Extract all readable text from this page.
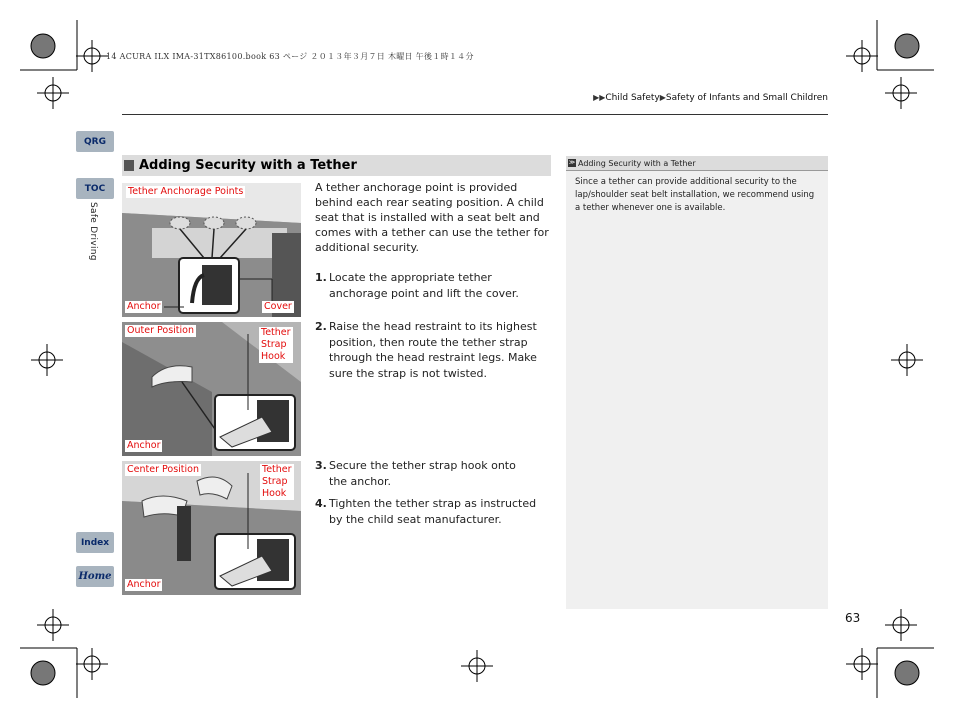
14 ACURA ILX IMA-31TX86100.book 63 ページ ２０１３年３月７日 木曜日 午後１時１４分
▶▶Child Safety▶Safety of Infants and Small Children
QRG
TOC
Safe Driving
Index
Home
Adding Security with a Tether
Tether Anchorage Points
Anchor	Cover
Outer Position	Tether
Strap
Hook
Anchor
Center Position	Tether
Strap
Hook
Anchor
A tether anchorage point is provided behind each rear seating position. A child seat that is installed with a seat belt and comes with a tether can use the tether for additional security.
1. Locate the appropriate tether anchorage point and lift the cover.
2. Raise the head restraint to its highest position, then route the tether strap through the head restraint legs. Make sure the strap is not twisted.
3. Secure the tether strap hook onto the anchor.
4. Tighten the tether strap as instructed by the child seat manufacturer.
≫ Adding Security with a Tether
Since a tether can provide additional security to the lap/shoulder seat belt installation, we recommend using a tether whenever one is available.
63
